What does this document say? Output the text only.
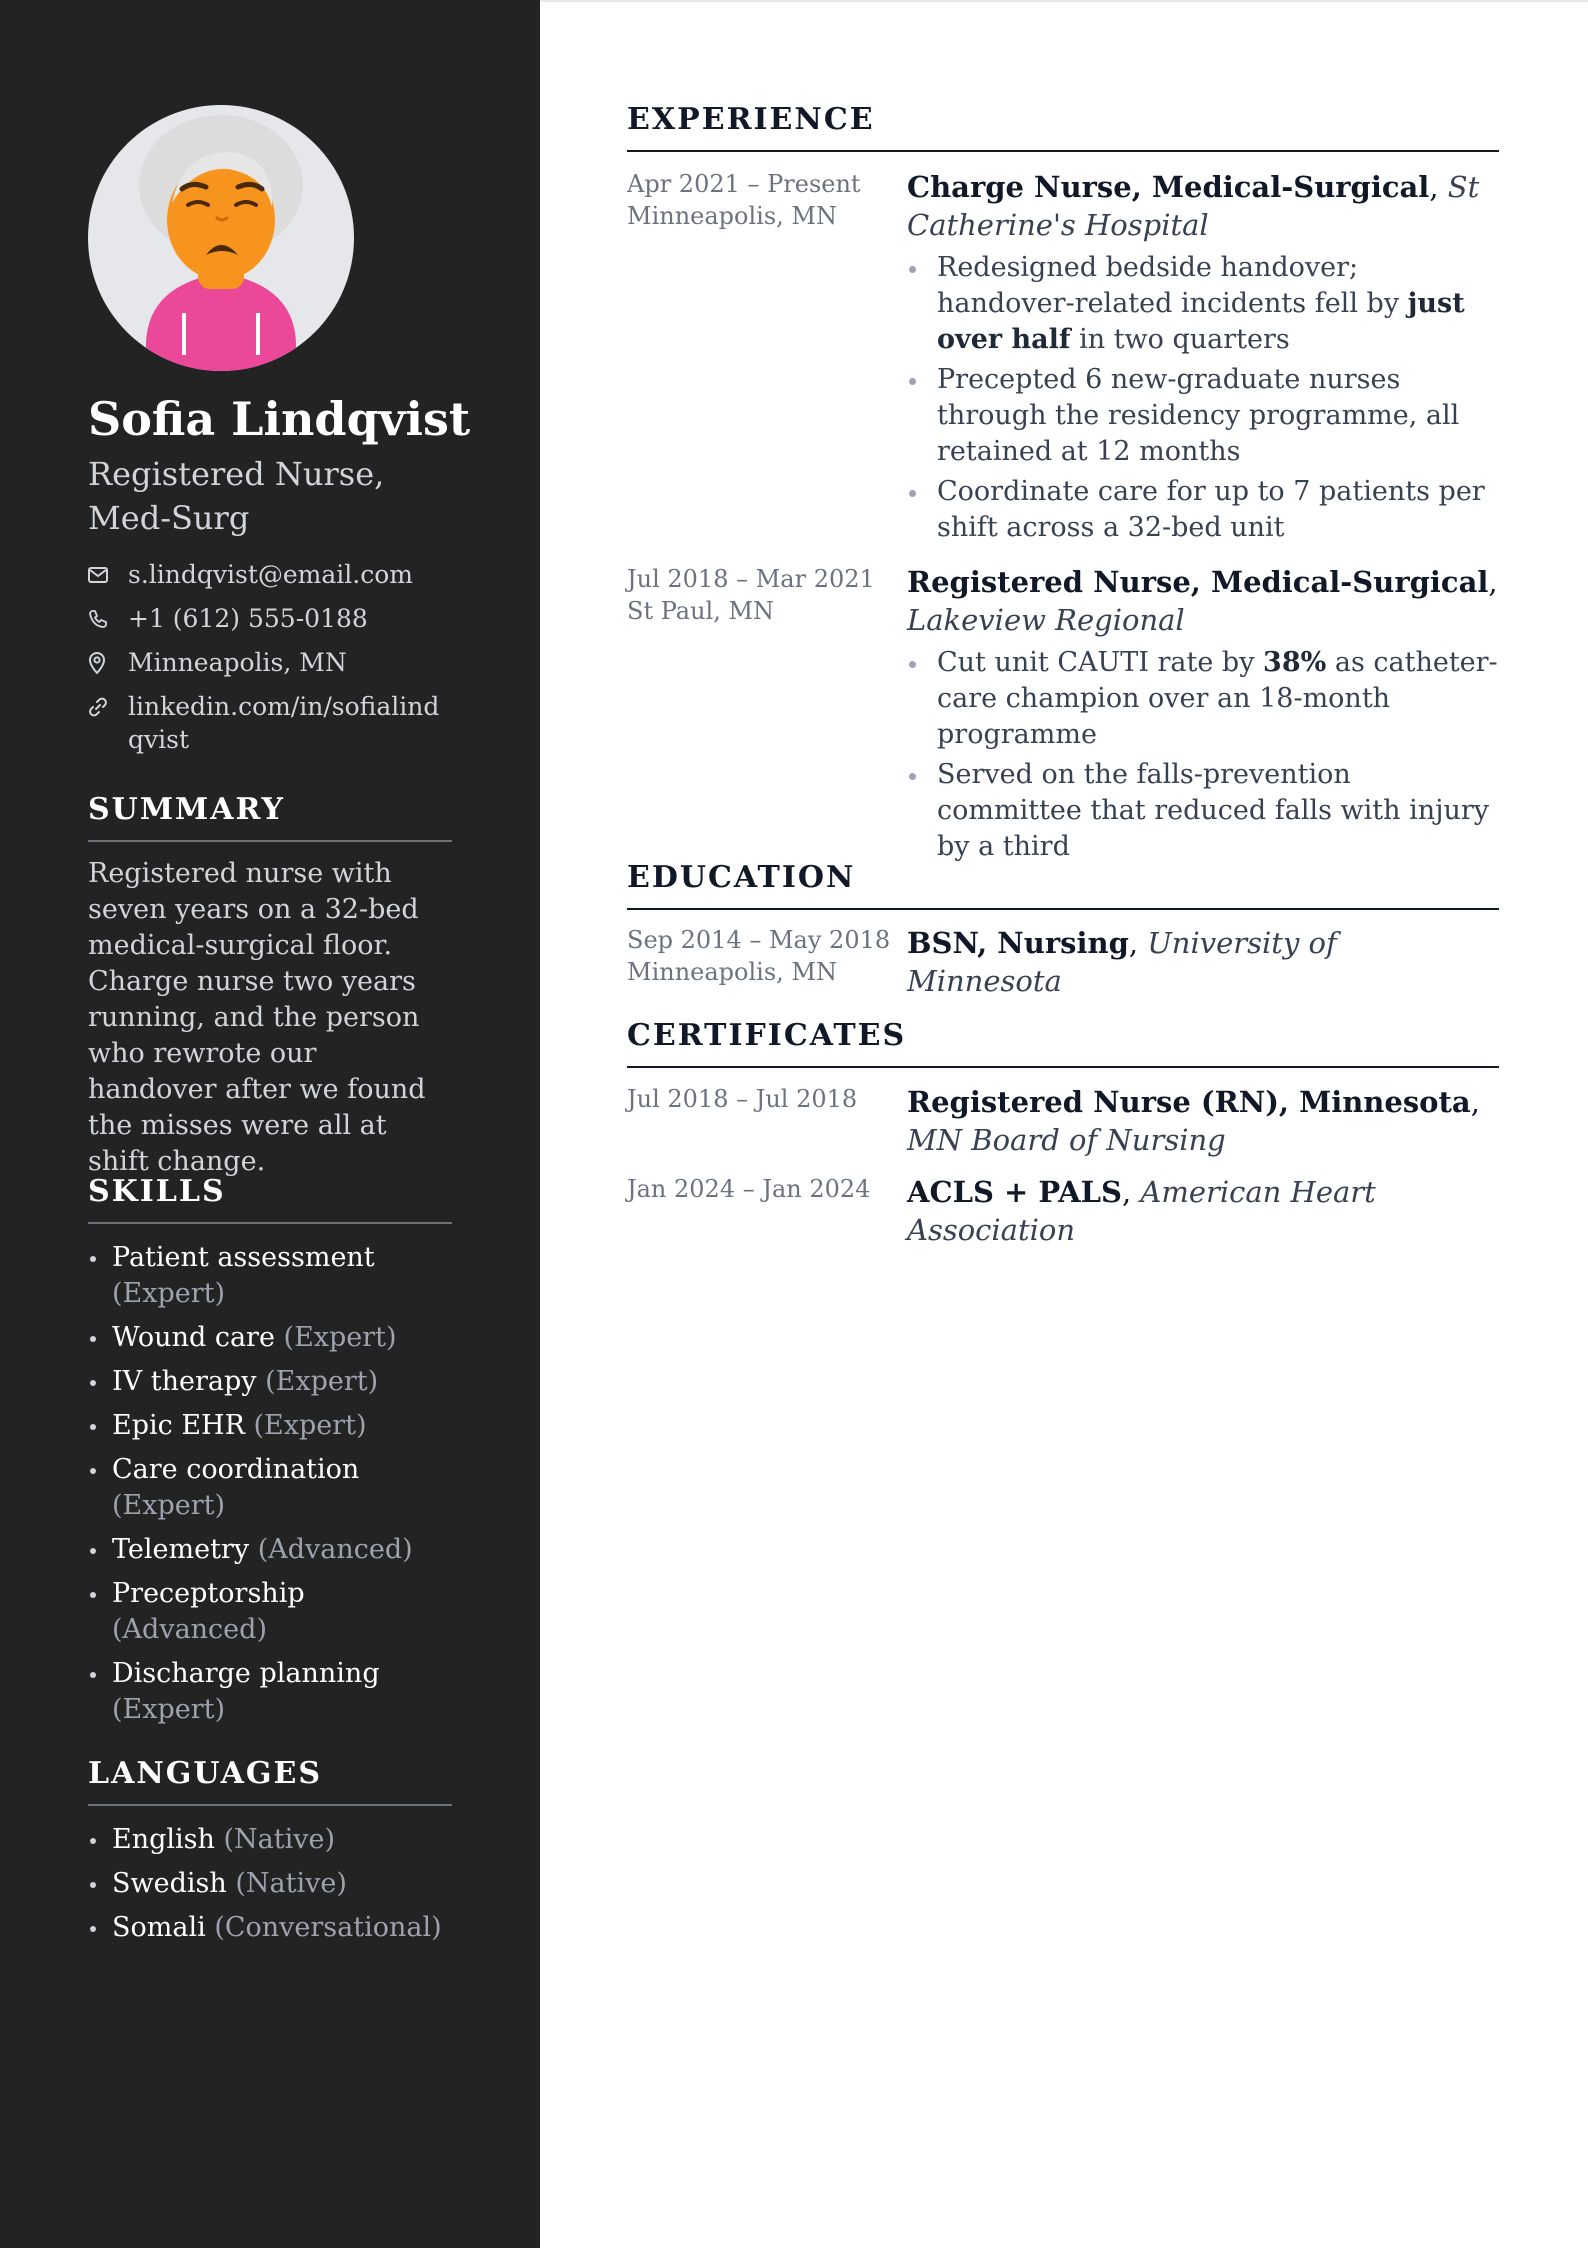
Sofia Lindqvist
Registered Nurse, Med-Surg
s.lindqvist@email.com
+1 (612) 555-0188
Minneapolis, MN
linkedin.com/in/sofialindqvist
SUMMARY

Registered nurse with seven years on a 32-bed medical-surgical floor. Charge nurse two years running, and the person who rewrote our handover after we found the misses were all at shift change.

SKILLS
Patient assessment (Expert)
Wound care (Expert)
IV therapy (Expert)
Epic EHR (Expert)
Care coordination (Expert)
Telemetry (Advanced)
Preceptorship (Advanced)
Discharge planning (Expert)
LANGUAGES
English (Native)
Swedish (Native)
Somali (Conversational)
EXPERIENCE
Apr 2021 – Present
Minneapolis, MN
Charge Nurse, Medical-Surgical, St Catherine's Hospital
Redesigned bedside handover; handover-related incidents fell by just over half in two quarters
Precepted 6 new-graduate nurses through the residency programme, all retained at 12 months
Coordinate care for up to 7 patients per shift across a 32-bed unit
Jul 2018 – Mar 2021
St Paul, MN
Registered Nurse, Medical-Surgical, Lakeview Regional
Cut unit CAUTI rate by 38% as catheter-care champion over an 18-month programme
Served on the falls-prevention committee that reduced falls with injury by a third
EDUCATION
Sep 2014 – May 2018
Minneapolis, MN
BSN, Nursing, University of Minnesota
CERTIFICATES
Jul 2018 – Jul 2018	Registered Nurse (RN), Minnesota, MN Board of Nursing
Jan 2024 – Jan 2024	ACLS + PALS, American Heart Association
